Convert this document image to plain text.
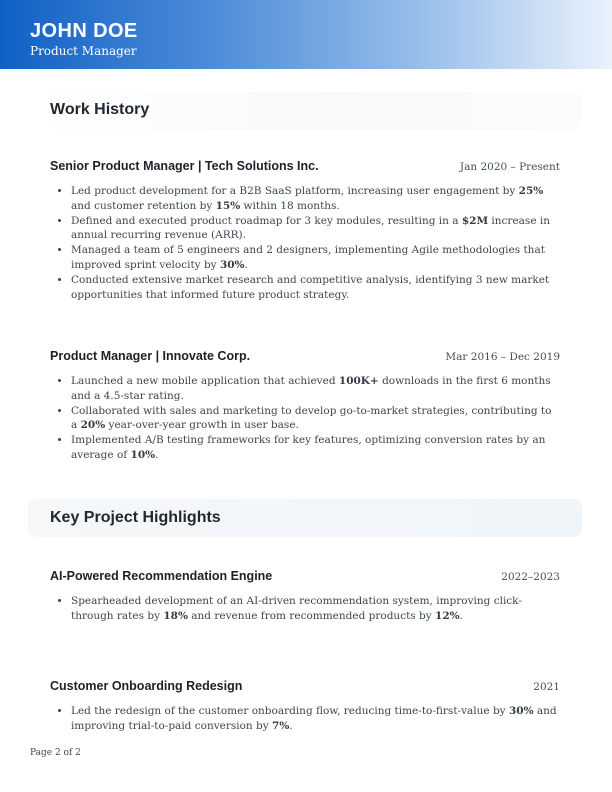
JOHN DOE
Product Manager
Work History
Senior Product Manager | Tech Solutions Inc.	Jan 2020 – Present
• Led product development for a B2B SaaS platform, increasing user engagement by 25% and customer retention by 15% within 18 months.
• Defined and executed product roadmap for 3 key modules, resulting in a $2M increase in annual recurring revenue (ARR).
• Managed a team of 5 engineers and 2 designers, implementing Agile methodologies that improved sprint velocity by 30%.
• Conducted extensive market research and competitive analysis, identifying 3 new market opportunities that informed future product strategy.
Product Manager | Innovate Corp.	Mar 2016 – Dec 2019
• Launched a new mobile application that achieved 100K+ downloads in the first 6 months and a 4.5-star rating.
• Collaborated with sales and marketing to develop go-to-market strategies, contributing to a 20% year-over-year growth in user base.
• Implemented A/B testing frameworks for key features, optimizing conversion rates by an average of 10%.
Key Project Highlights
AI-Powered Recommendation Engine	2022–2023
• Spearheaded development of an AI-driven recommendation system, improving click-through rates by 18% and revenue from recommended products by 12%.
Customer Onboarding Redesign	2021
• Led the redesign of the customer onboarding flow, reducing time-to-first-value by 30% and improving trial-to-paid conversion by 7%.
Page 2 of 2
